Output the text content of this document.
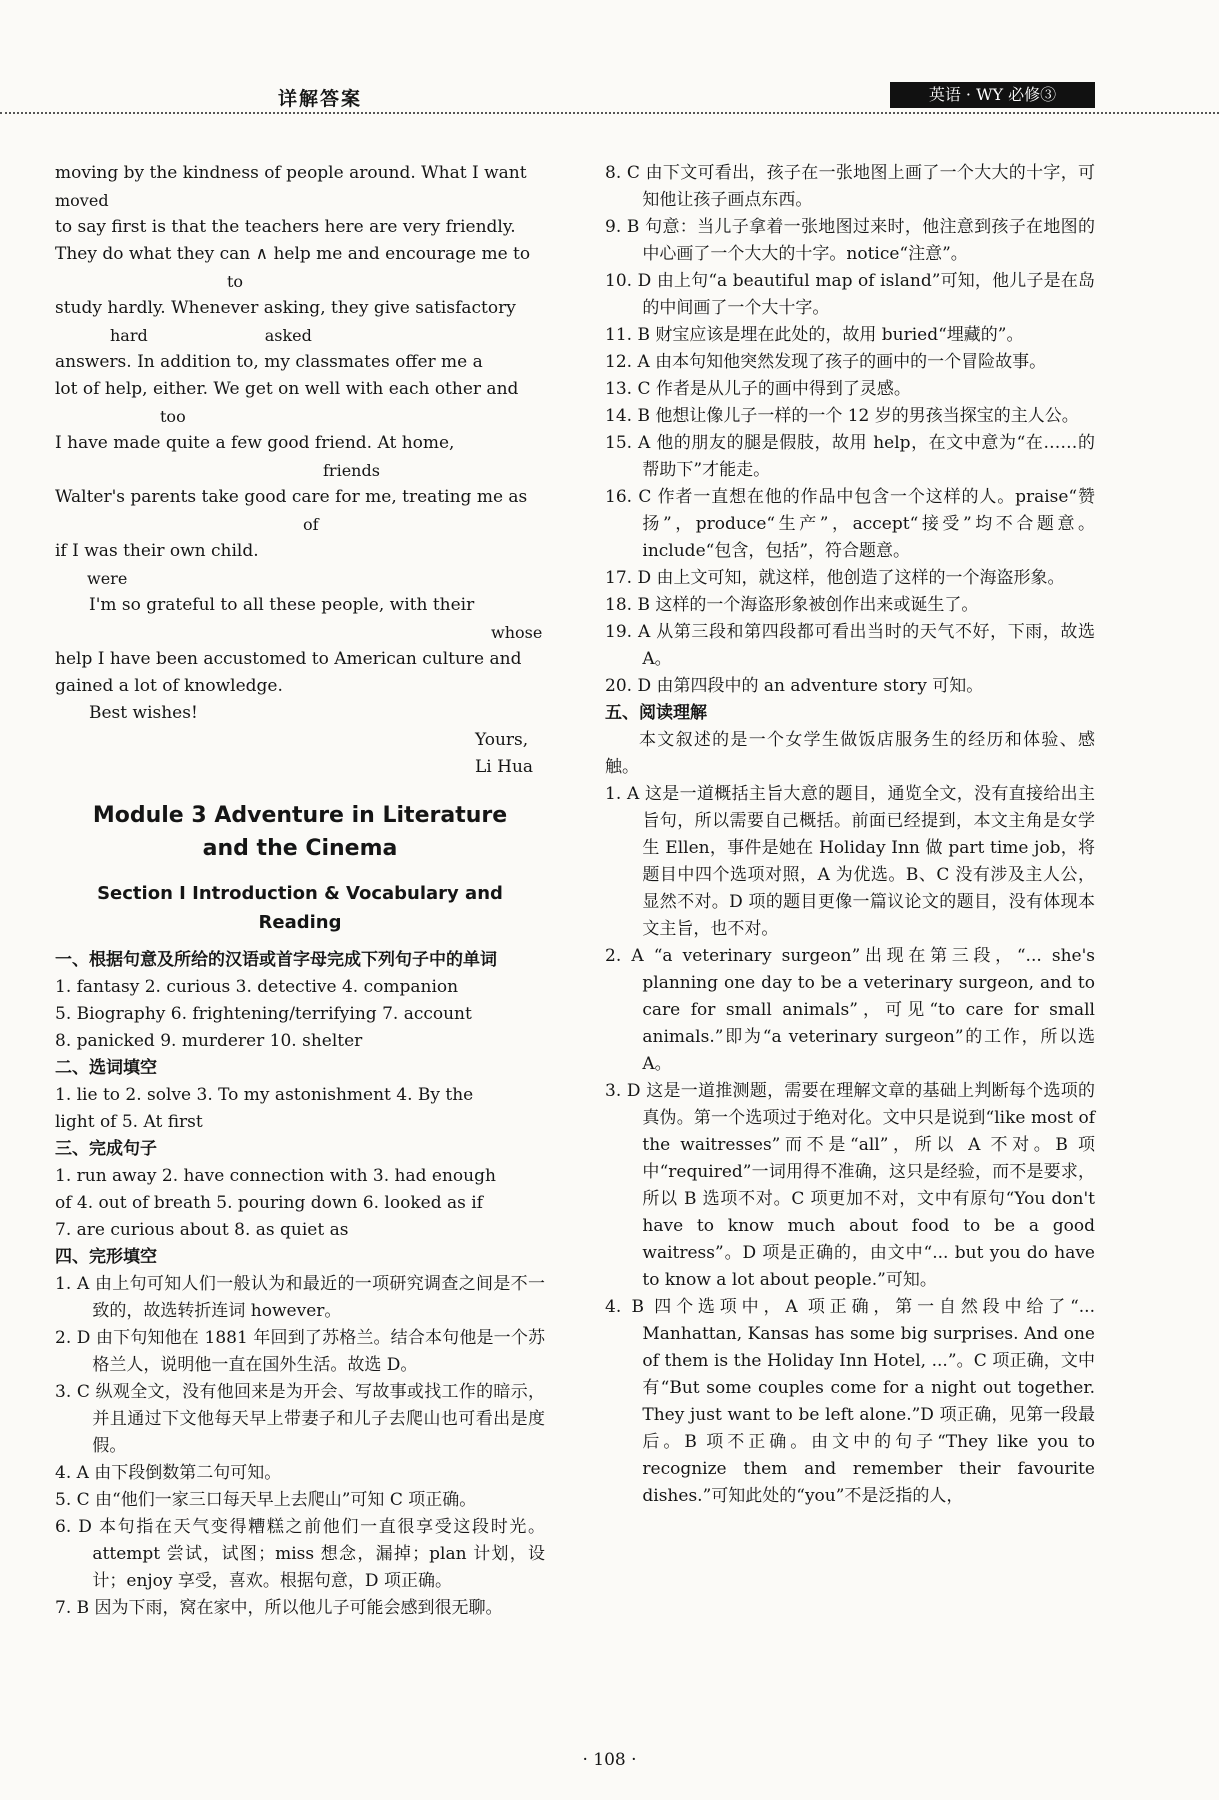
详解答案	英语 · WY 必修③

moving by the kindness of people around. What I want

moved

to say first is that the teachers here are very friendly.

They do what they can ∧ help me and encourage me to

to

study hardly. Whenever asking, they give satisfactory

hard                       asked

answers. In addition to, my classmates offer me a

lot of help, either. We get on well with each other and

too

I have made quite a few good friend. At home,

friends

Walter's parents take good care for me, treating me as

of

if I was their own child.

were

I'm so grateful to all these people, with their

whose

help I have been accustomed to American culture and

gained a lot of knowledge.

Best wishes!

Yours,

Li Hua

Module 3 Adventure in Literature
and the Cinema
Section Ⅰ Introduction & Vocabulary and
Reading

一、根据句意及所给的汉语或首字母完成下列句子中的单词

1. fantasy 2. curious 3. detective 4. companion

5. Biography 6. frightening/terrifying 7. account

8. panicked 9. murderer 10. shelter

二、选词填空

1. lie to 2. solve 3. To my astonishment 4. By the

light of 5. At first

三、完成句子

1. run away 2. have connection with 3. had enough

of 4. out of breath 5. pouring down 6. looked as if

7. are curious about 8. as quiet as

四、完形填空

1. A 由上句可知人们一般认为和最近的一项研究调查之间是不一致的，故选转折连词 however。

2. D 由下句知他在 1881 年回到了苏格兰。结合本句他是一个苏格兰人，说明他一直在国外生活。故选 D。

3. C 纵观全文，没有他回来是为开会、写故事或找工作的暗示，并且通过下文他每天早上带妻子和儿子去爬山也可看出是度假。

4. A 由下段倒数第二句可知。

5. C 由“他们一家三口每天早上去爬山”可知 C 项正确。

6. D 本句指在天气变得糟糕之前他们一直很享受这段时光。attempt 尝试，试图；miss 想念，漏掉；plan 计划，设计；enjoy 享受，喜欢。根据句意，D 项正确。

7. B 因为下雨，窝在家中，所以他儿子可能会感到很无聊。

8. C 由下文可看出，孩子在一张地图上画了一个大大的十字，可知他让孩子画点东西。

9. B 句意：当儿子拿着一张地图过来时，他注意到孩子在地图的中心画了一个大大的十字。notice“注意”。

10. D 由上句“a beautiful map of island”可知，他儿子是在岛的中间画了一个大十字。

11. B 财宝应该是埋在此处的，故用 buried“埋藏的”。

12. A 由本句知他突然发现了孩子的画中的一个冒险故事。

13. C 作者是从儿子的画中得到了灵感。

14. B 他想让像儿子一样的一个 12 岁的男孩当探宝的主人公。

15. A 他的朋友的腿是假肢，故用 help，在文中意为“在……的帮助下”才能走。

16. C 作者一直想在他的作品中包含一个这样的人。praise“赞扬”，produce“生产”，accept“接受”均不合题意。include“包含，包括”，符合题意。

17. D 由上文可知，就这样，他创造了这样的一个海盗形象。

18. B 这样的一个海盗形象被创作出来或诞生了。

19. A 从第三段和第四段都可看出当时的天气不好，下雨，故选 A。

20. D 由第四段中的 an adventure story 可知。

五、阅读理解

本文叙述的是一个女学生做饭店服务生的经历和体验、感触。

1. A 这是一道概括主旨大意的题目，通览全文，没有直接给出主旨句，所以需要自己概括。前面已经提到，本文主角是女学生 Ellen，事件是她在 Holiday Inn 做 part time job，将题目中四个选项对照，A 为优选。B、C 没有涉及主人公，显然不对。D 项的题目更像一篇议论文的题目，没有体现本文主旨，也不对。

2. A “a veterinary surgeon”出现在第三段，“... she's planning one day to be a veterinary surgeon, and to care for small animals”，可见“to care for small animals.”即为“a veterinary surgeon”的工作，所以选 A。

3. D 这是一道推测题，需要在理解文章的基础上判断每个选项的真伪。第一个选项过于绝对化。文中只是说到“like most of the waitresses”而不是“all”，所以 A 不对。B 项中“required”一词用得不准确，这只是经验，而不是要求，所以 B 选项不对。C 项更加不对，文中有原句“You don't have to know much about food to be a good waitress”。D 项是正确的，由文中“... but you do have to know a lot about people.”可知。

4. B 四个选项中，A 项正确，第一自然段中给了“... Manhattan, Kansas has some big surprises. And one of them is the Holiday Inn Hotel, ...”。C 项正确，文中有“But some couples come for a night out together. They just want to be left alone.”D 项正确，见第一段最后。B 项不正确。由文中的句子“They like you to recognize them and remember their favourite dishes.”可知此处的“you”不是泛指的人，

· 108 ·
